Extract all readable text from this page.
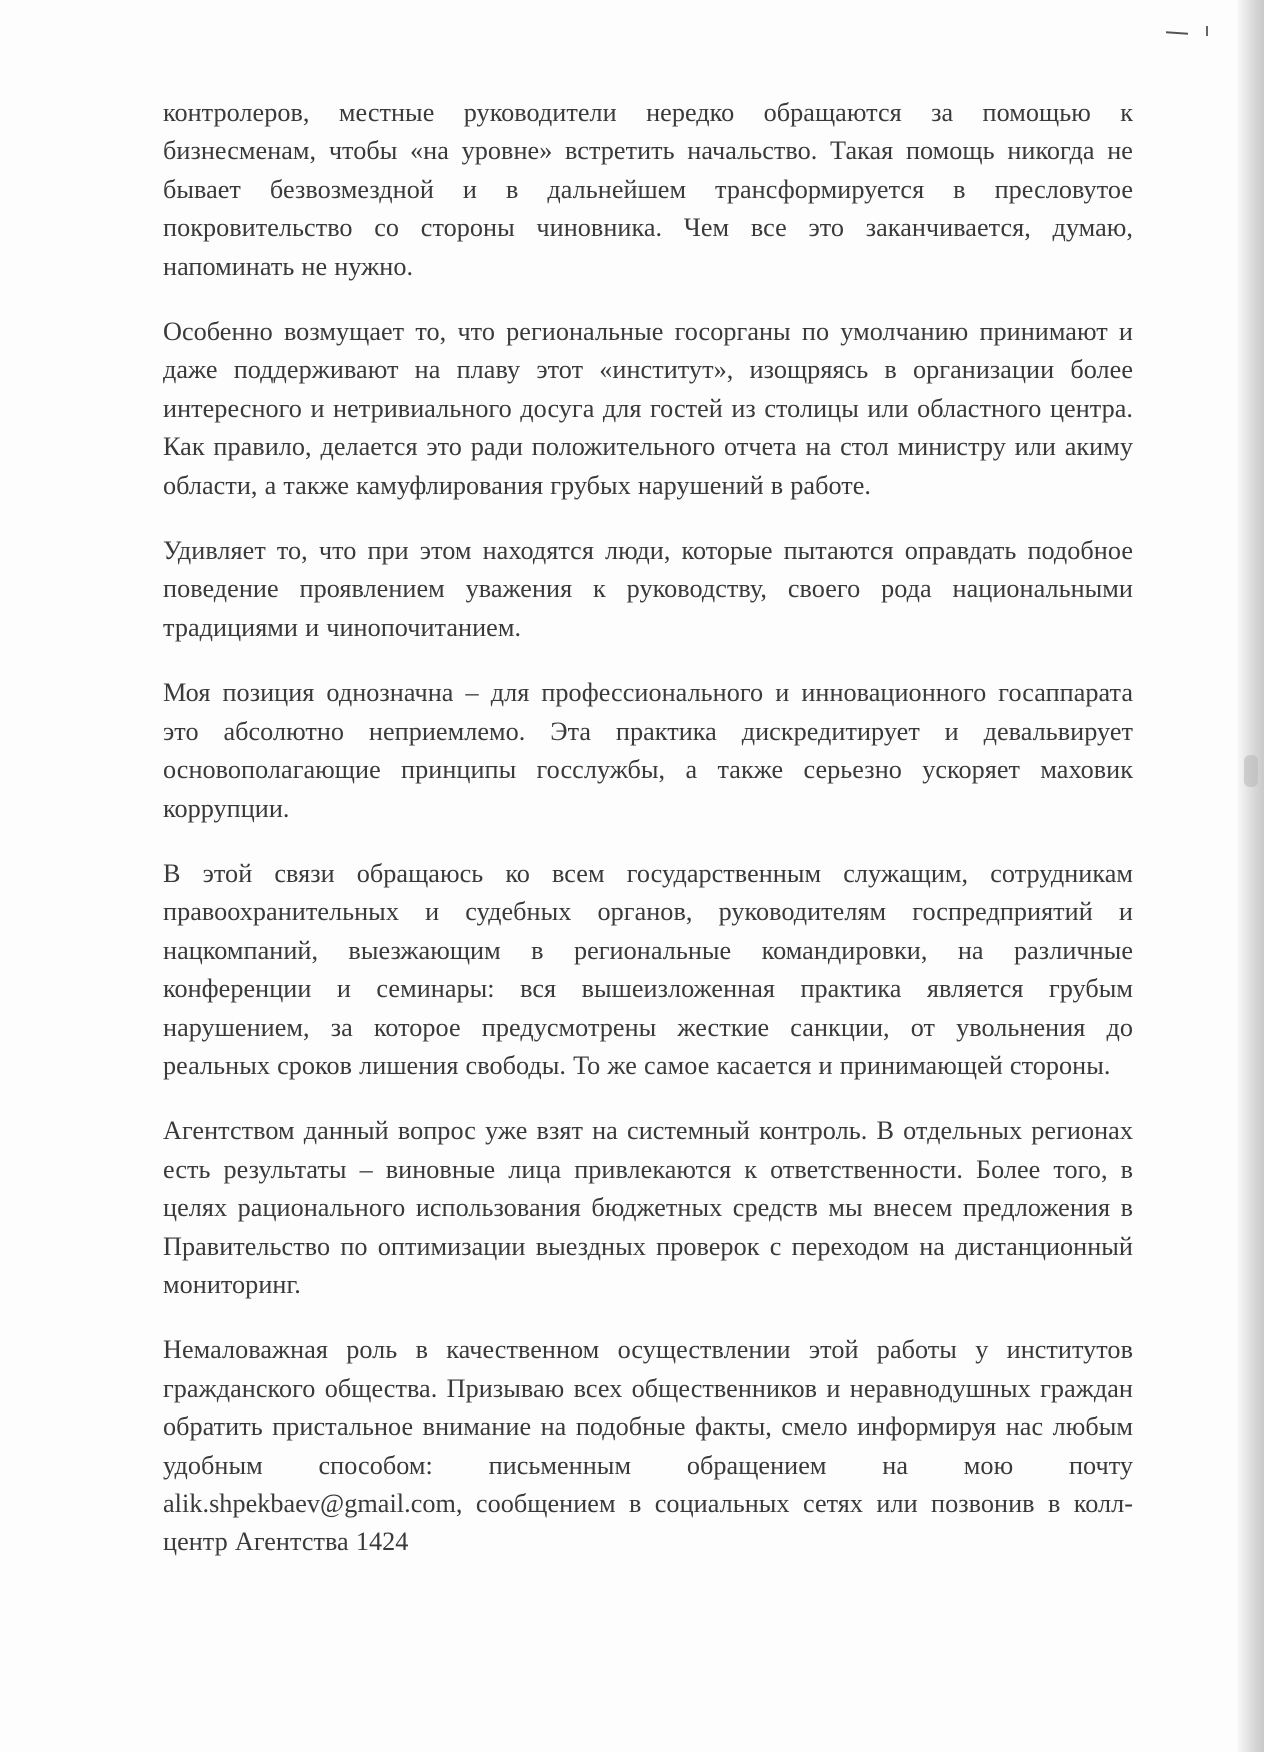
контролеров, местные руководители нередко обращаются за помощью к бизнесменам, чтобы «на уровне» встретить начальство. Такая помощь никогда не бывает безвозмездной и в дальнейшем трансформируется в пресловутое покровительство со стороны чиновника. Чем все это заканчивается, думаю, напоминать не нужно.

Особенно возмущает то, что региональные госорганы по умолчанию принимают и даже поддерживают на плаву этот «институт», изощряясь в организации более интересного и нетривиального досуга для гостей из столицы или областного центра. Как правило, делается это ради положительного отчета на стол министру или акиму области, а также камуфлирования грубых нарушений в работе.

Удивляет то, что при этом находятся люди, которые пытаются оправдать подобное поведение проявлением уважения к руководству, своего рода национальными традициями и чинопочитанием.

Моя позиция однозначна – для профессионального и инновационного госаппарата это абсолютно неприемлемо. Эта практика дискредитирует и девальвирует основополагающие принципы госслужбы, а также серьезно ускоряет маховик коррупции.

В этой связи обращаюсь ко всем государственным служащим, сотрудникам правоохранительных и судебных органов, руководителям госпредприятий и нацкомпаний, выезжающим в региональные командировки, на различные конференции и семинары: вся вышеизложенная практика является грубым нарушением, за которое предусмотрены жесткие санкции, от увольнения до реальных сроков лишения свободы. То же самое касается и принимающей стороны.

Агентством данный вопрос уже взят на системный контроль. В отдельных регионах есть результаты – виновные лица привлекаются к ответственности. Более того, в целях рационального использования бюджетных средств мы внесем предложения в Правительство по оптимизации выездных проверок с переходом на дистанционный мониторинг.

Немаловажная роль в качественном осуществлении этой работы у институтов гражданского общества. Призываю всех общественников и неравнодушных граждан обратить пристальное внимание на подобные факты, смело информируя нас любым удобным способом: письменным обращением на мою почту alik.shpekbaev@gmail.com, сообщением в социальных сетях или позвонив в колл-центр Агентства 1424
